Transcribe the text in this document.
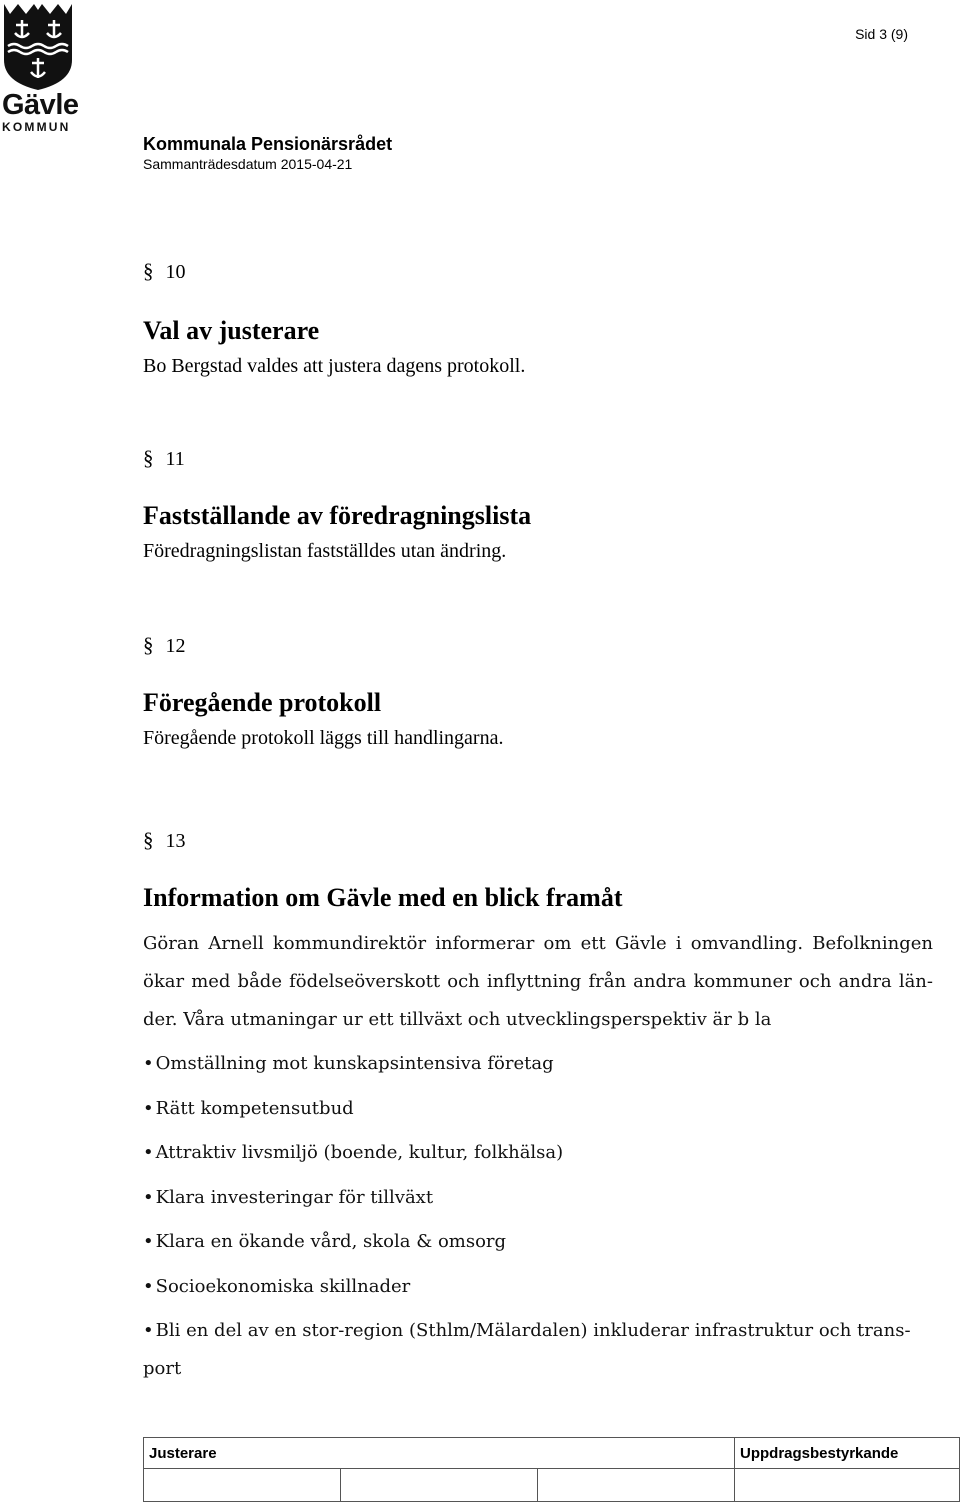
Gävle
KOMMUN
Sid 3 (9)
Kommunala Pensionärsrådet
Sammanträdesdatum 2015-04-21
§ 10
Val av justerare
Bo Bergstad valdes att justera dagens protokoll.
§ 11
Fastställande av föredragningslista
Föredragningslistan fastställdes utan ändring.
§ 12
Föregående protokoll
Föregående protokoll läggs till handlingarna.
§ 13
Information om Gävle med en blick framåt
Göran Arnell kommundirektör informerar om ett Gävle i omvandling. Befolkningen ökar med både födelseöverskott och inflyttning från andra kommuner och andra län-der. Våra utmaningar ur ett tillväxt och utvecklingsperspektiv är b la
• Omställning mot kunskapsintensiva företag
• Rätt kompetensutbud
• Attraktiv livsmiljö (boende, kultur, folkhälsa)
• Klara investeringar för tillväxt
• Klara en ökande vård, skola & omsorg
• Socioekonomiska skillnader
• Bli en del av en stor-region (Sthlm/Mälardalen) inkluderar infrastruktur och trans-port
Justerare			Uppdragsbestyrkande
